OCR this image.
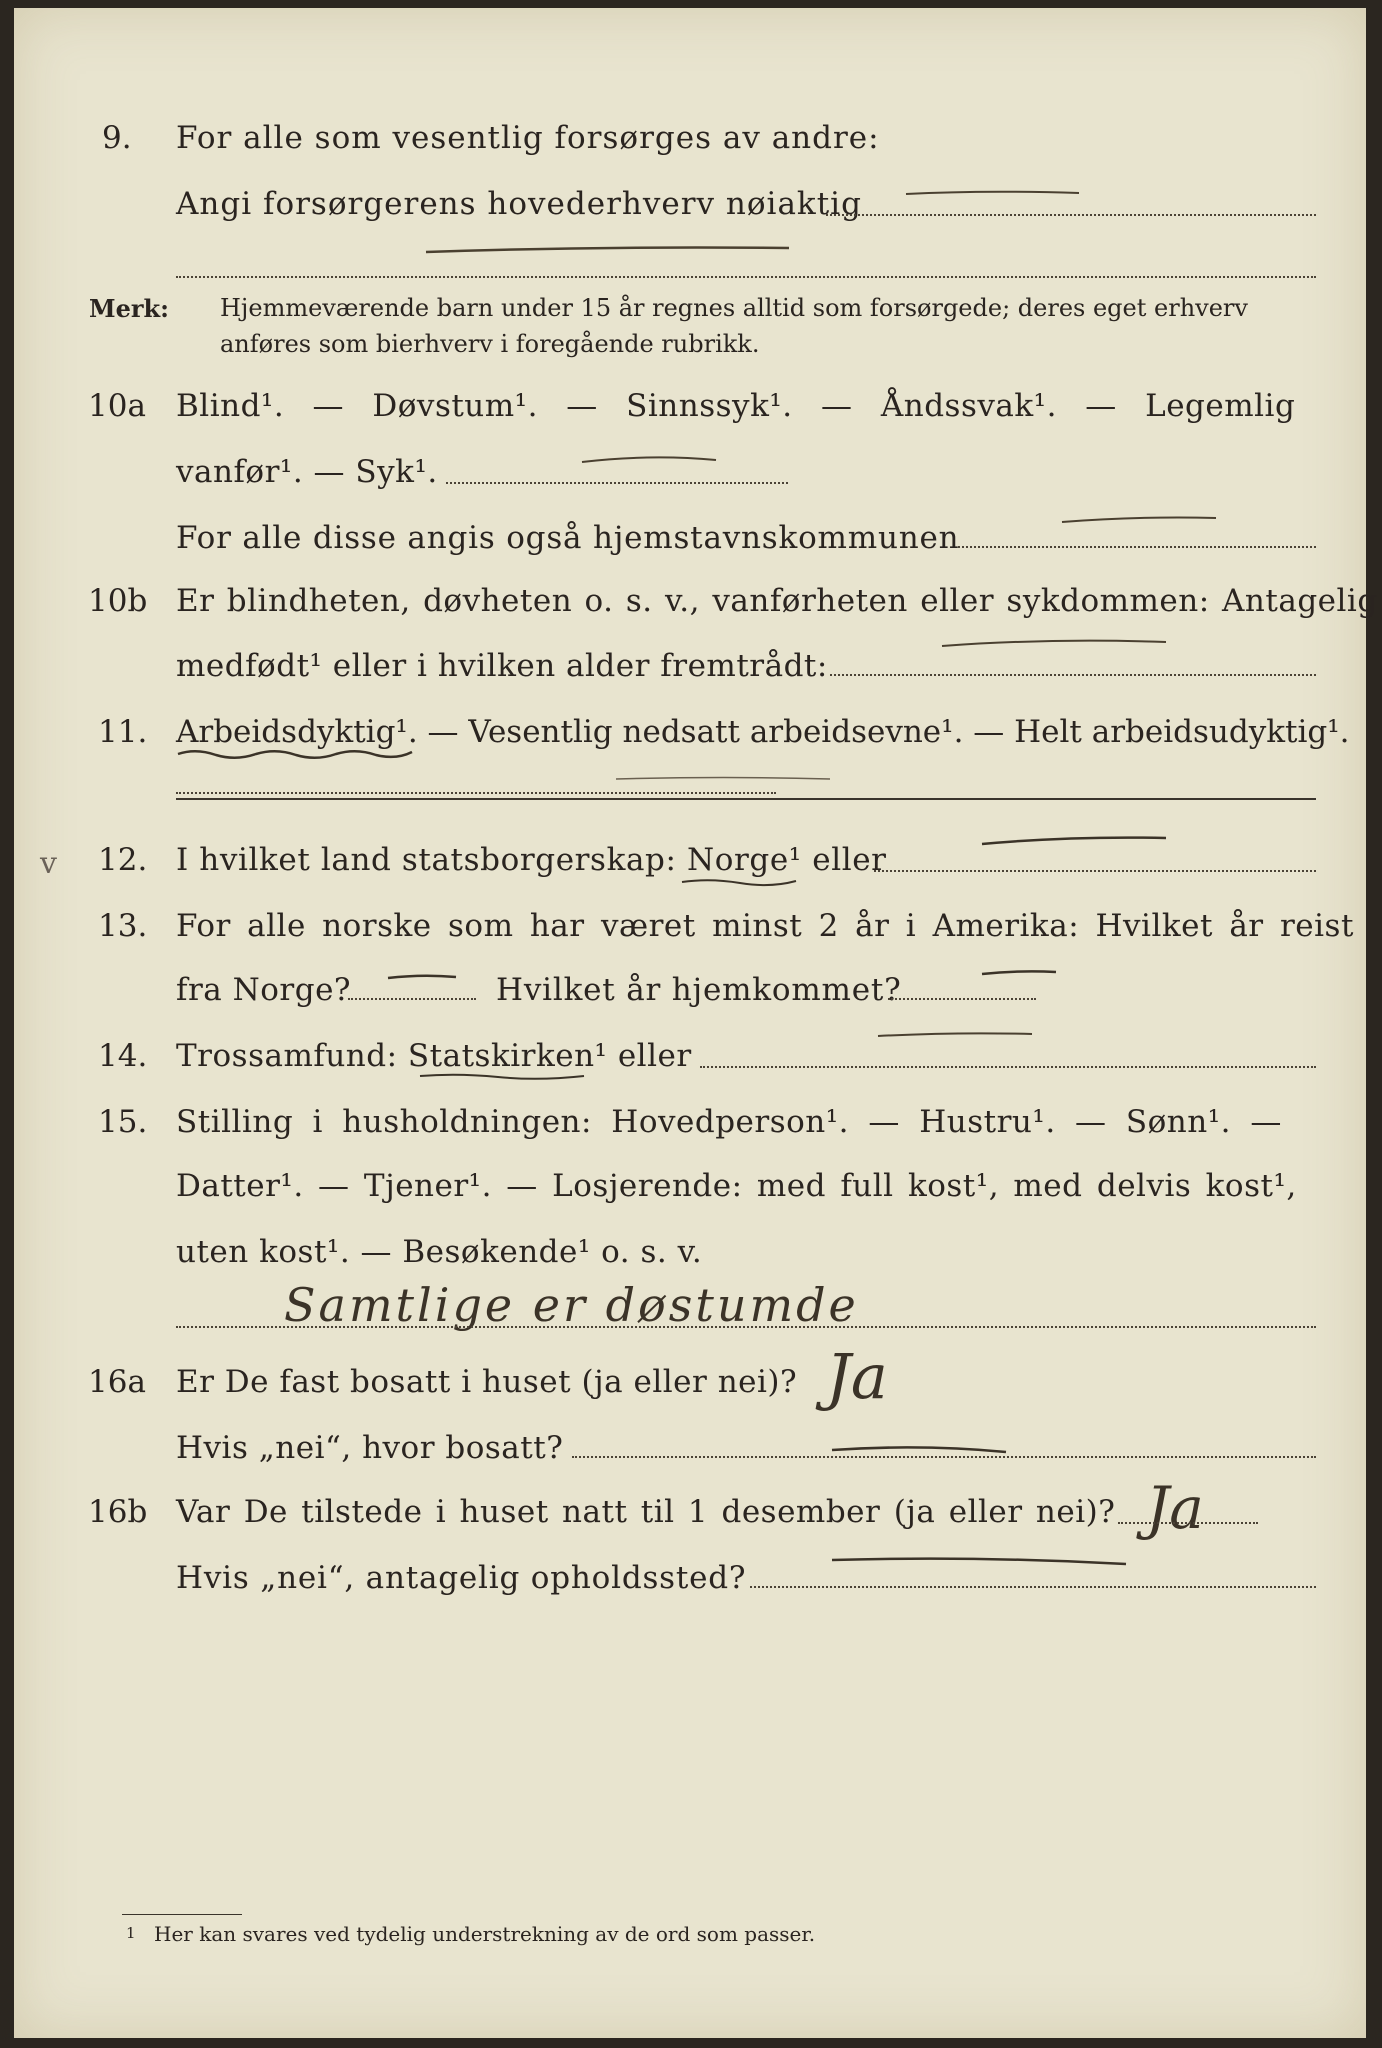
9. For alle som vesentlig forsørges av andre:
Angi forsørgerens hovederhverv nøiaktig
Merk: Hjemmeværende barn under 15 år regnes alltid som forsørgede; deres eget erhverv
anføres som bierhverv i foregående rubrikk.
10a Blind¹. — Døvstum¹. — Sinnssyk¹. — Åndssvak¹. — Legemlig
vanfør¹. — Syk¹.
For alle disse angis også hjemstavnskommunen
10b Er blindheten, døvheten o. s. v., vanførheten eller sykdommen: Antagelig
medfødt¹ eller i hvilken alder fremtrådt:
11. Arbeidsdyktig¹. — Vesentlig nedsatt arbeidsevne¹. — Helt arbeidsudyktig¹.
v 12. I hvilket land statsborgerskap: Norge¹ eller
13. For alle norske som har været minst 2 år i Amerika: Hvilket år reist
fra Norge?	Hvilket år hjemkommet?
14. Trossamfund: Statskirken¹ eller
15. Stilling i husholdningen: Hovedperson¹. — Hustru¹. — Sønn¹. —
Datter¹. — Tjener¹. — Losjerende: med full kost¹, med delvis kost¹,
uten kost¹. — Besøkende¹ o. s. v.
Samtlige er døstumde
16a Er De fast bosatt i huset (ja eller nei)? Ja
Hvis „nei“, hvor bosatt?
16b Var De tilstede i huset natt til 1 desember (ja eller nei)? Ja
Hvis „nei“, antagelig opholdssted?
1 Her kan svares ved tydelig understrekning av de ord som passer.
